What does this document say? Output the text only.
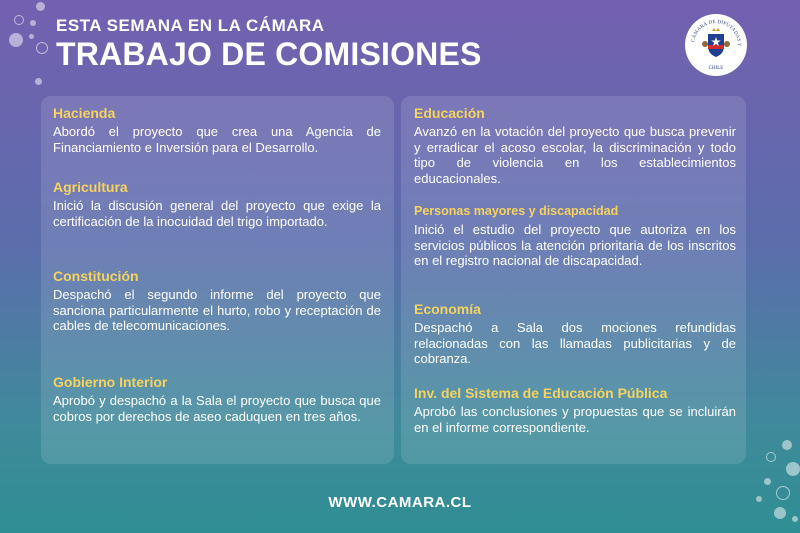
ESTA SEMANA EN LA CÁMARA
TRABAJO DE COMISIONES	CÁMARA DE DIPUTADAS Y
CHILE
Hacienda
Abordó el proyecto que crea una Agencia de Financiamiento e Inversión para el Desarrollo.
Agricultura
Inició la discusión general del proyecto que exige la certificación de la inocuidad del trigo importado.
Constitución
Despachó el segundo informe del proyecto que sanciona particularmente el hurto, robo y receptación de cables de telecomunicaciones.
Gobierno Interior
Aprobó y despachó a la Sala el proyecto que busca que cobros por derechos de aseo caduquen en tres años.
Educación
Avanzó en la votación del proyecto que busca prevenir y erradicar el acoso escolar, la discriminación y todo tipo de violencia en los establecimientos educacionales.
Personas mayores y discapacidad
Inició el estudio del proyecto que autoriza en los servicios públicos la atención prioritaria de los inscritos en el registro nacional de discapacidad.
Economía
Despachó a Sala dos mociones refundidas relacionadas con las llamadas publicitarias y de cobranza.
Inv. del Sistema de Educación Pública
Aprobó las conclusiones y propuestas que se incluirán en el informe correspondiente.
WWW.CAMARA.CL
